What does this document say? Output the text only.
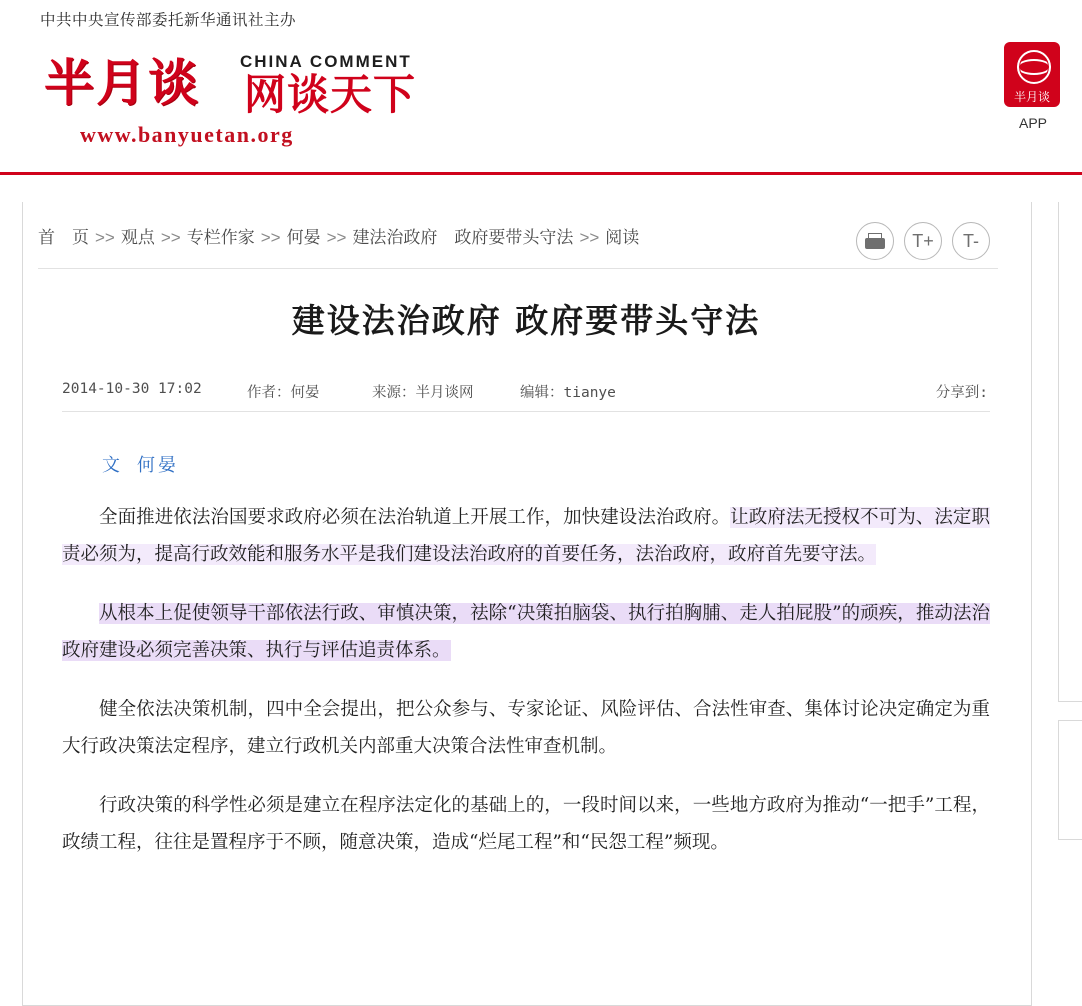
中共中央宣传部委托新华通讯社主办
半月谈 CHINA COMMENT
网谈天下
www.banyuetan.org
半月谈
APP
首　页 >> 观点 >> 专栏作家 >> 何晏 >> 建法治政府　政府要带头守法 >> 阅读	T+	T-
建设法治政府 政府要带头守法
2014-10-30 17:02	作者：何晏	来源：半月谈网	编辑：tianye	分享到:
文 何晏

全面推进依法治国要求政府必须在法治轨道上开展工作，加快建设法治政府。让政府法无授权不可为、法定职责必须为，提高行政效能和服务水平是我们建设法治政府的首要任务，法治政府，政府首先要守法。

从根本上促使领导干部依法行政、审慎决策，祛除“决策拍脑袋、执行拍胸脯、走人拍屁股”的顽疾，推动法治政府建设必须完善决策、执行与评估追责体系。

健全依法决策机制，四中全会提出，把公众参与、专家论证、风险评估、合法性审查、集体讨论决定确定为重大行政决策法定程序，建立行政机关内部重大决策合法性审查机制。

行政决策的科学性必须是建立在程序法定化的基础上的，一段时间以来，一些地方政府为推动“一把手”工程，政绩工程，往往是置程序于不顾，随意决策，造成“烂尾工程”和“民怨工程”频现。
